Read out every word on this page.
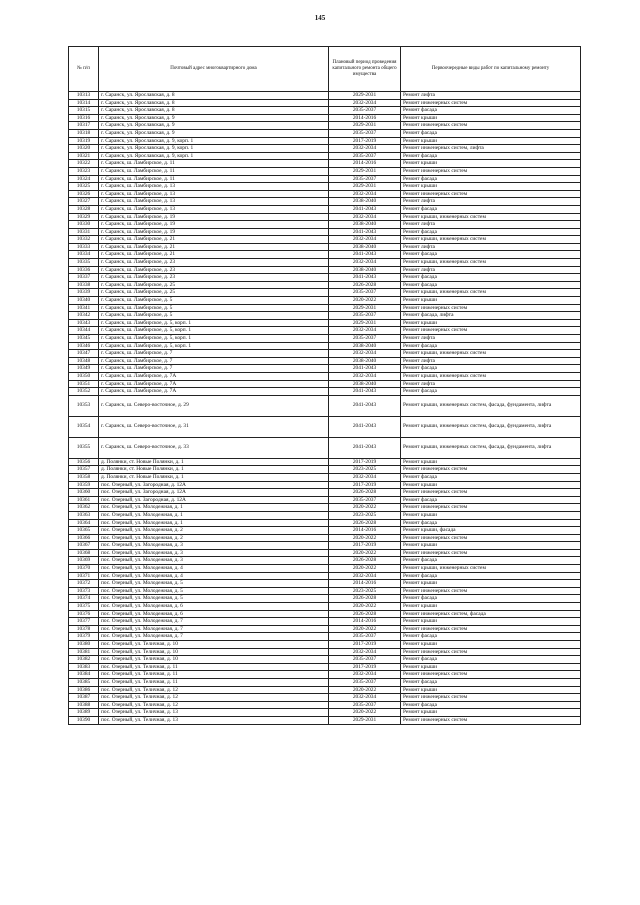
145
№ п/п	Почтовый адрес многоквартирного дома	Плановый период проведения капитального ремонта общего имущества	Первоочередные виды работ по капитальному ремонту
10313	г. Саранск, ул. Ярославская, д. 8	2029-2031	Ремонт лифта
10314	г. Саранск, ул. Ярославская, д. 8	2032-2034	Ремонт инженерных систем
10315	г. Саранск, ул. Ярославская, д. 8	2035-2037	Ремонт фасада
10316	г. Саранск, ул. Ярославская, д. 9	2014-2016	Ремонт крыши
10317	г. Саранск, ул. Ярославская, д. 9	2029-2031	Ремонт инженерных систем
10318	г. Саранск, ул. Ярославская, д. 9	2035-2037	Ремонт фасада
10319	г. Саранск, ул. Ярославская, д. 9, корп. 1	2017-2019	Ремонт крыши
10320	г. Саранск, ул. Ярославская, д. 9, корп. 1	2032-2034	Ремонт инженерных систем, лифта
10321	г. Саранск, ул. Ярославская, д. 9, корп. 1	2035-2037	Ремонт фасада
10322	г. Саранск, ш. Ламбирское, д. 11	2014-2016	Ремонт крыши
10323	г. Саранск, ш. Ламбирское, д. 11	2029-2031	Ремонт инженерных систем
10324	г. Саранск, ш. Ламбирское, д. 11	2035-2037	Ремонт фасада
10325	г. Саранск, ш. Ламбирское, д. 13	2029-2031	Ремонт крыши
10326	г. Саранск, ш. Ламбирское, д. 13	2032-2034	Ремонт инженерных систем
10327	г. Саранск, ш. Ламбирское, д. 13	2038-2040	Ремонт лифта
10328	г. Саранск, ш. Ламбирское, д. 13	2041-2043	Ремонт фасада
10329	г. Саранск, ш. Ламбирское, д. 19	2032-2034	Ремонт крыши, инженерных систем
10330	г. Саранск, ш. Ламбирское, д. 19	2038-2040	Ремонт лифта
10331	г. Саранск, ш. Ламбирское, д. 19	2041-2043	Ремонт фасада
10332	г. Саранск, ш. Ламбирское, д. 21	2032-2034	Ремонт крыши, инженерных систем
10333	г. Саранск, ш. Ламбирское, д. 21	2038-2040	Ремонт лифта
10334	г. Саранск, ш. Ламбирское, д. 21	2041-2043	Ремонт фасада
10335	г. Саранск, ш. Ламбирское, д. 23	2032-2034	Ремонт крыши, инженерных систем
10336	г. Саранск, ш. Ламбирское, д. 23	2038-2040	Ремонт лифта
10337	г. Саранск, ш. Ламбирское, д. 23	2041-2043	Ремонт фасада
10338	г. Саранск, ш. Ламбирское, д. 25	2026-2028	Ремонт фасада
10339	г. Саранск, ш. Ламбирское, д. 25	2035-2037	Ремонт крыши, инженерных систем
10340	г. Саранск, ш. Ламбирское, д. 5	2020-2022	Ремонт крыши
10341	г. Саранск, ш. Ламбирское, д. 5	2029-2031	Ремонт инженерных систем
10342	г. Саранск, ш. Ламбирское, д. 5	2035-2037	Ремонт фасада, лифта
10343	г. Саранск, ш. Ламбирское, д. 5, корп. 1	2029-2031	Ремонт крыши
10344	г. Саранск, ш. Ламбирское, д. 5, корп. 1	2032-2034	Ремонт инженерных систем
10345	г. Саранск, ш. Ламбирское, д. 5, корп. 1	2035-2037	Ремонт лифта
10346	г. Саранск, ш. Ламбирское, д. 5, корп. 1	2038-2040	Ремонт фасада
10347	г. Саранск, ш. Ламбирское, д. 7	2032-2034	Ремонт крыши, инженерных систем
10348	г. Саранск, ш. Ламбирское, д. 7	2038-2040	Ремонт лифта
10349	г. Саранск, ш. Ламбирское, д. 7	2041-2043	Ремонт фасада
10350	г. Саранск, ш. Ламбирское, д. 7А	2032-2034	Ремонт крыши, инженерных систем
10351	г. Саранск, ш. Ламбирское, д. 7А	2038-2040	Ремонт лифта
10352	г. Саранск, ш. Ламбирское, д. 7А	2041-2043	Ремонт фасада
10353	г. Саранск, ш. Северо-восточное, д. 29	2041-2043	Ремонт крыши, инженерных систем, фасада, фундамента, лифта
10354	г. Саранск, ш. Северо-восточное, д. 31	2041-2043	Ремонт крыши, инженерных систем, фасада, фундамента, лифта
10355	г. Саранск, ш. Северо-восточное, д. 33	2041-2043	Ремонт крыши, инженерных систем, фасада, фундамента, лифта
10356	д. Полянки, ст. Новые Полянки, д. 1	2017-2019	Ремонт крыши
10357	д. Полянки, ст. Новые Полянки, д. 1	2023-2025	Ремонт инженерных систем
10358	д. Полянки, ст. Новые Полянки, д. 1	2032-2034	Ремонт фасада
10359	пос. Озерный, ул. Загородная, д. 12А	2017-2019	Ремонт крыши
10360	пос. Озерный, ул. Загородная, д. 12А	2026-2028	Ремонт инженерных систем
10361	пос. Озерный, ул. Загородная, д. 12А	2035-2037	Ремонт фасада
10362	пос. Озерный, ул. Молодежная, д. 1	2020-2022	Ремонт инженерных систем
10363	пос. Озерный, ул. Молодежная, д. 1	2023-2025	Ремонт крыши
10364	пос. Озерный, ул. Молодежная, д. 1	2026-2028	Ремонт фасада
10365	пос. Озерный, ул. Молодежная, д. 2	2014-2016	Ремонт крыши, фасада
10366	пос. Озерный, ул. Молодежная, д. 2	2020-2022	Ремонт инженерных систем
10367	пос. Озерный, ул. Молодежная, д. 3	2017-2019	Ремонт крыши
10368	пос. Озерный, ул. Молодежная, д. 3	2020-2022	Ремонт инженерных систем
10369	пос. Озерный, ул. Молодежная, д. 3	2026-2028	Ремонт фасада
10370	пос. Озерный, ул. Молодежная, д. 4	2020-2022	Ремонт крыши, инженерных систем
10371	пос. Озерный, ул. Молодежная, д. 4	2032-2034	Ремонт фасада
10372	пос. Озерный, ул. Молодежная, д. 5	2014-2016	Ремонт крыши
10373	пос. Озерный, ул. Молодежная, д. 5	2023-2025	Ремонт инженерных систем
10374	пос. Озерный, ул. Молодежная, д. 5	2026-2028	Ремонт фасада
10375	пос. Озерный, ул. Молодежная, д. 6	2020-2022	Ремонт крыши
10376	пос. Озерный, ул. Молодежная, д. 6	2026-2028	Ремонт инженерных систем, фасада
10377	пос. Озерный, ул. Молодежная, д. 7	2014-2016	Ремонт крыши
10378	пос. Озерный, ул. Молодежная, д. 7	2020-2022	Ремонт инженерных систем
10379	пос. Озерный, ул. Молодежная, д. 7	2035-2037	Ремонт фасада
10380	пос. Озерный, ул. Теличная, д. 10	2017-2019	Ремонт крыши
10381	пос. Озерный, ул. Теличная, д. 10	2032-2034	Ремонт инженерных систем
10382	пос. Озерный, ул. Теличная, д. 10	2035-2037	Ремонт фасада
10383	пос. Озерный, ул. Теличная, д. 11	2017-2019	Ремонт крыши
10384	пос. Озерный, ул. Теличная, д. 11	2032-2034	Ремонт инженерных систем
10385	пос. Озерный, ул. Теличная, д. 11	2035-2037	Ремонт фасада
10386	пос. Озерный, ул. Теличная, д. 12	2020-2022	Ремонт крыши
10387	пос. Озерный, ул. Теличная, д. 12	2032-2034	Ремонт инженерных систем
10388	пос. Озерный, ул. Теличная, д. 12	2035-2037	Ремонт фасада
10389	пос. Озерный, ул. Теличная, д. 13	2020-2022	Ремонт крыши
10390	пос. Озерный, ул. Теличная, д. 13	2029-2031	Ремонт инженерных систем
